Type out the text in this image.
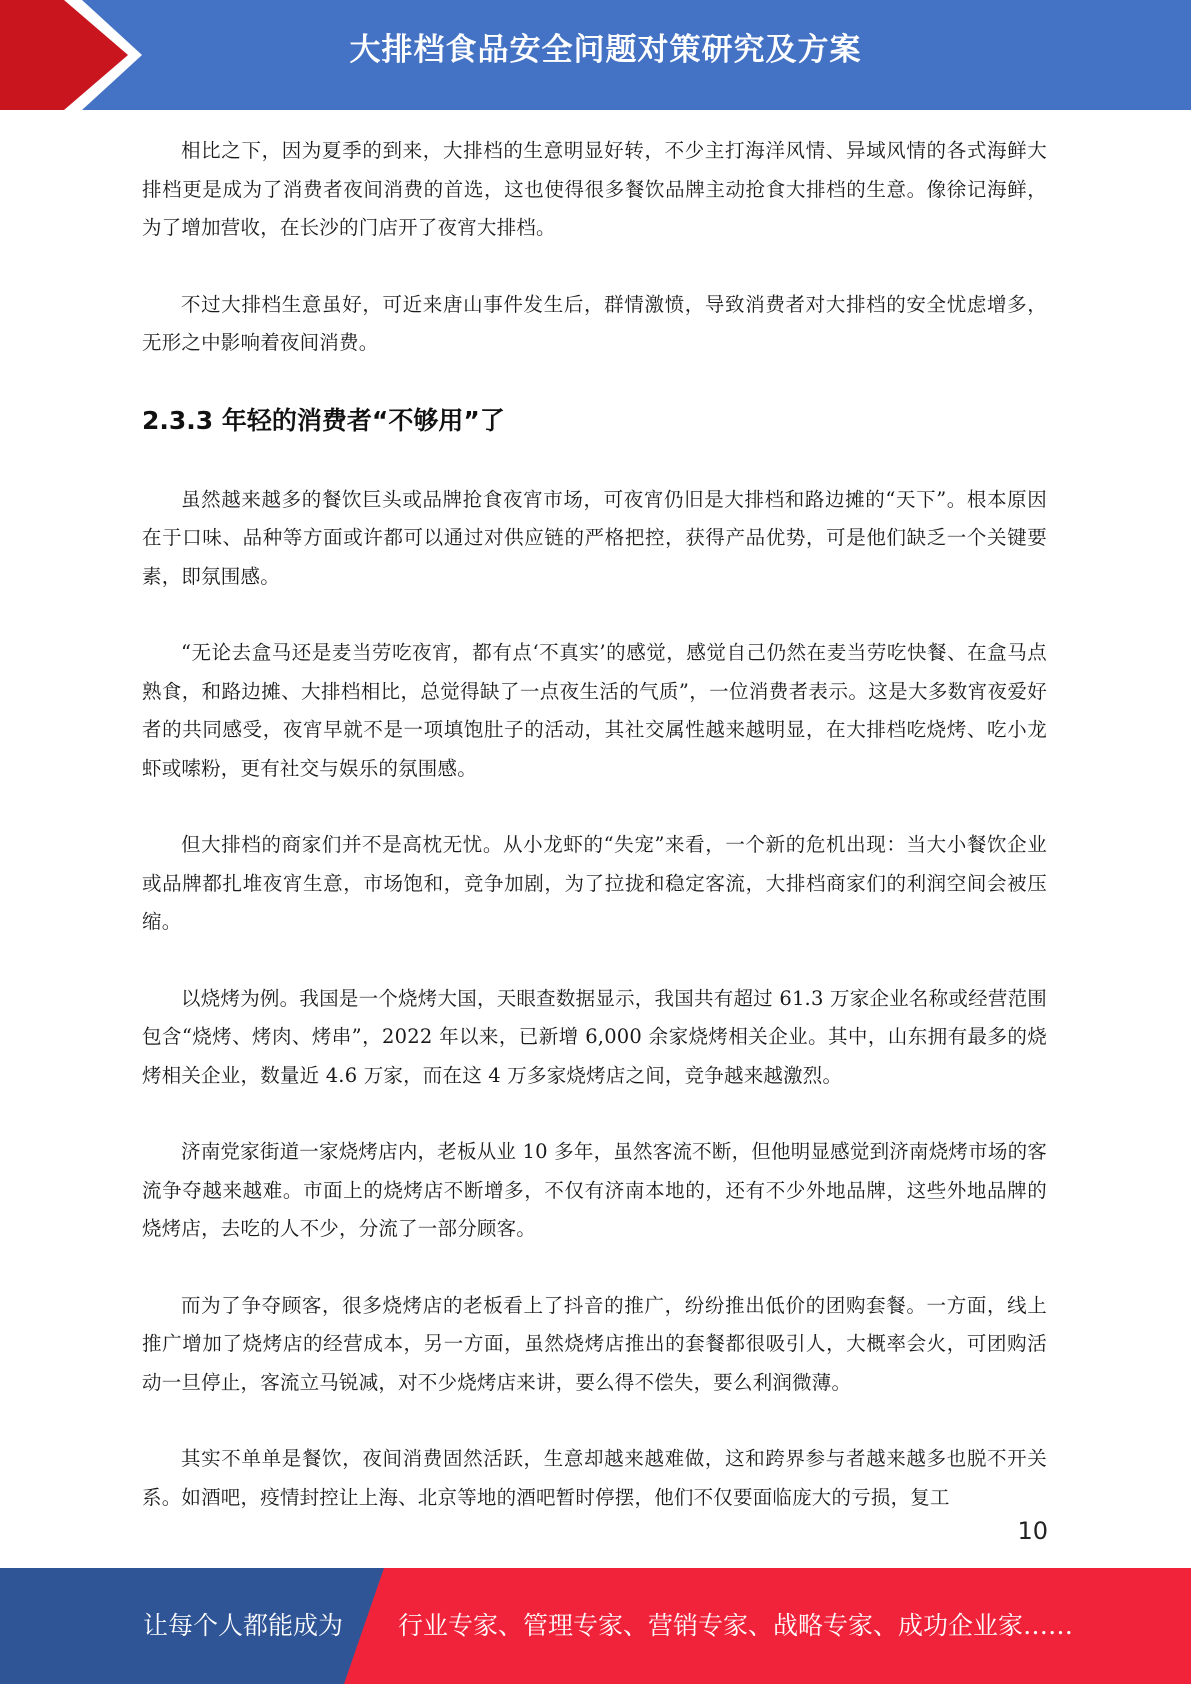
大排档食品安全问题对策研究及方案

相比之下，因为夏季的到来，大排档的生意明显好转，不少主打海洋风情、异域风情的各式海鲜大排档更是成为了消费者夜间消费的首选，这也使得很多餐饮品牌主动抢食大排档的生意。像徐记海鲜，为了增加营收，在长沙的门店开了夜宵大排档。

不过大排档生意虽好，可近来唐山事件发生后，群情激愤，导致消费者对大排档的安全忧虑增多，无形之中影响着夜间消费。

2.3.3 年轻的消费者“不够用”了

虽然越来越多的餐饮巨头或品牌抢食夜宵市场，可夜宵仍旧是大排档和路边摊的“天下”。根本原因在于口味、品种等方面或许都可以通过对供应链的严格把控，获得产品优势，可是他们缺乏一个关键要素，即氛围感。

“无论去盒马还是麦当劳吃夜宵，都有点‘不真实’的感觉，感觉自己仍然在麦当劳吃快餐、在盒马点熟食，和路边摊、大排档相比，总觉得缺了一点夜生活的气质”，一位消费者表示。这是大多数宵夜爱好者的共同感受，夜宵早就不是一项填饱肚子的活动，其社交属性越来越明显，在大排档吃烧烤、吃小龙虾或嗦粉，更有社交与娱乐的氛围感。

但大排档的商家们并不是高枕无忧。从小龙虾的“失宠”来看，一个新的危机出现：当大小餐饮企业或品牌都扎堆夜宵生意，市场饱和，竞争加剧，为了拉拢和稳定客流，大排档商家们的利润空间会被压缩。

以烧烤为例。我国是一个烧烤大国，天眼查数据显示，我国共有超过 61.3 万家企业名称或经营范围包含“烧烤、烤肉、烤串”，2022 年以来，已新增 6,000 余家烧烤相关企业。其中，山东拥有最多的烧烤相关企业，数量近 4.6 万家，而在这 4 万多家烧烤店之间，竞争越来越激烈。

济南党家街道一家烧烤店内，老板从业 10 多年，虽然客流不断，但他明显感觉到济南烧烤市场的客流争夺越来越难。市面上的烧烤店不断增多，不仅有济南本地的，还有不少外地品牌，这些外地品牌的烧烤店，去吃的人不少，分流了一部分顾客。

而为了争夺顾客，很多烧烤店的老板看上了抖音的推广，纷纷推出低价的团购套餐。一方面，线上推广增加了烧烤店的经营成本，另一方面，虽然烧烤店推出的套餐都很吸引人，大概率会火，可团购活动一旦停止，客流立马锐减，对不少烧烤店来讲，要么得不偿失，要么利润微薄。

其实不单单是餐饮，夜间消费固然活跃，生意却越来越难做，这和跨界参与者越来越多也脱不开关系。如酒吧，疫情封控让上海、北京等地的酒吧暂时停摆，他们不仅要面临庞大的亏损，复工

10
让每个人都能成为 行业专家、管理专家、营销专家、战略专家、成功企业家……
